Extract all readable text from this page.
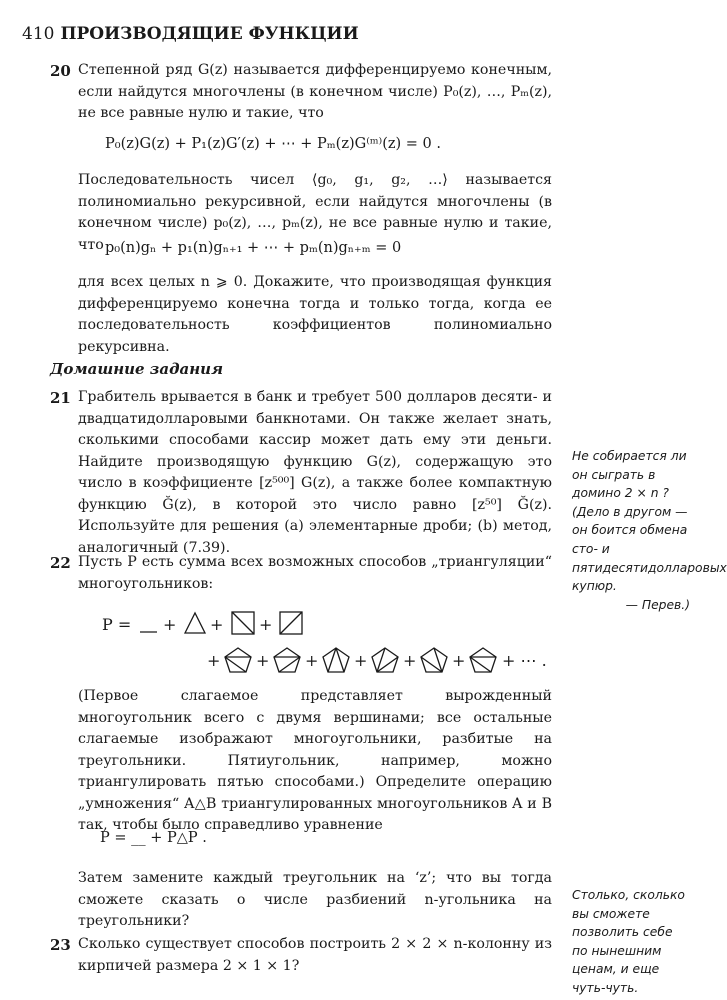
410 ПРОИЗВОДЯЩИЕ ФУНКЦИИ
20 Степенной ряд G(z) называется дифференцируемо конечным, если найдутся многочлены (в конечном числе) P₀(z), …, Pₘ(z), не все равные нулю и такие, что

P₀(z)G(z) + P₁(z)G′(z) + ⋯ + Pₘ(z)G⁽ᵐ⁾(z) = 0 .

Последовательность чисел ⟨g₀, g₁, g₂, …⟩ называется полиномиально рекурсивной, если найдутся многочлены (в конечном числе) p₀(z), …, pₘ(z), не все равные нулю и такие, что p₀(n)gₙ + p₁(n)gₙ₊₁ + ⋯ + pₘ(n)gₙ₊ₘ = 0

для всех целых n ⩾ 0. Докажите, что производящая функция дифференцируемо конечна тогда и только тогда, когда ее последовательность коэффициентов полиномиально рекурсивна.

Домашние задания
21 Грабитель врывается в банк и требует 500 долларов десяти- и двадцатидолларовыми банкнотами. Он также желает знать, сколькими способами кассир может дать ему эти деньги. Найдите производящую функцию G(z), содержащую это число в коэффициенте [z⁵⁰⁰] G(z), а также более компактную функцию Ğ(z), в которой это число равно [z⁵⁰] Ğ(z). Используйте для решения (a) элементарные дроби; (b) метод, аналогичный (7.39).

Не собирается ли он сыграть в домино 2 × n ?
(Дело в другом — он боится обмена сто- и пятидесятидолларовых купюр.
— Перев.)
22 Пусть P есть сумма всех возможных способов „триангуляции“ многоугольников:

P = + + +
+ + + + + + + ⋯ .

(Первое слагаемое представляет вырожденный многоугольник всего с двумя вершинами; все остальные слагаемые изображают многоугольники, разбитые на треугольники. Пятиугольник, например, можно триангулировать пятью способами.) Определите операцию „умножения“ A△B триангулированных многоугольников A и B так, чтобы было справедливо уравнение

P = __ + P△P .

Затем замените каждый треугольник на ‘z’; что вы тогда сможете сказать о числе разбиений n-угольника на треугольники?

Столько, сколько вы сможете позволить себе по нынешним ценам, и еще чуть-чуть.
23 Сколько существует способов построить 2 × 2 × n-колонну из кирпичей размера 2 × 1 × 1?
